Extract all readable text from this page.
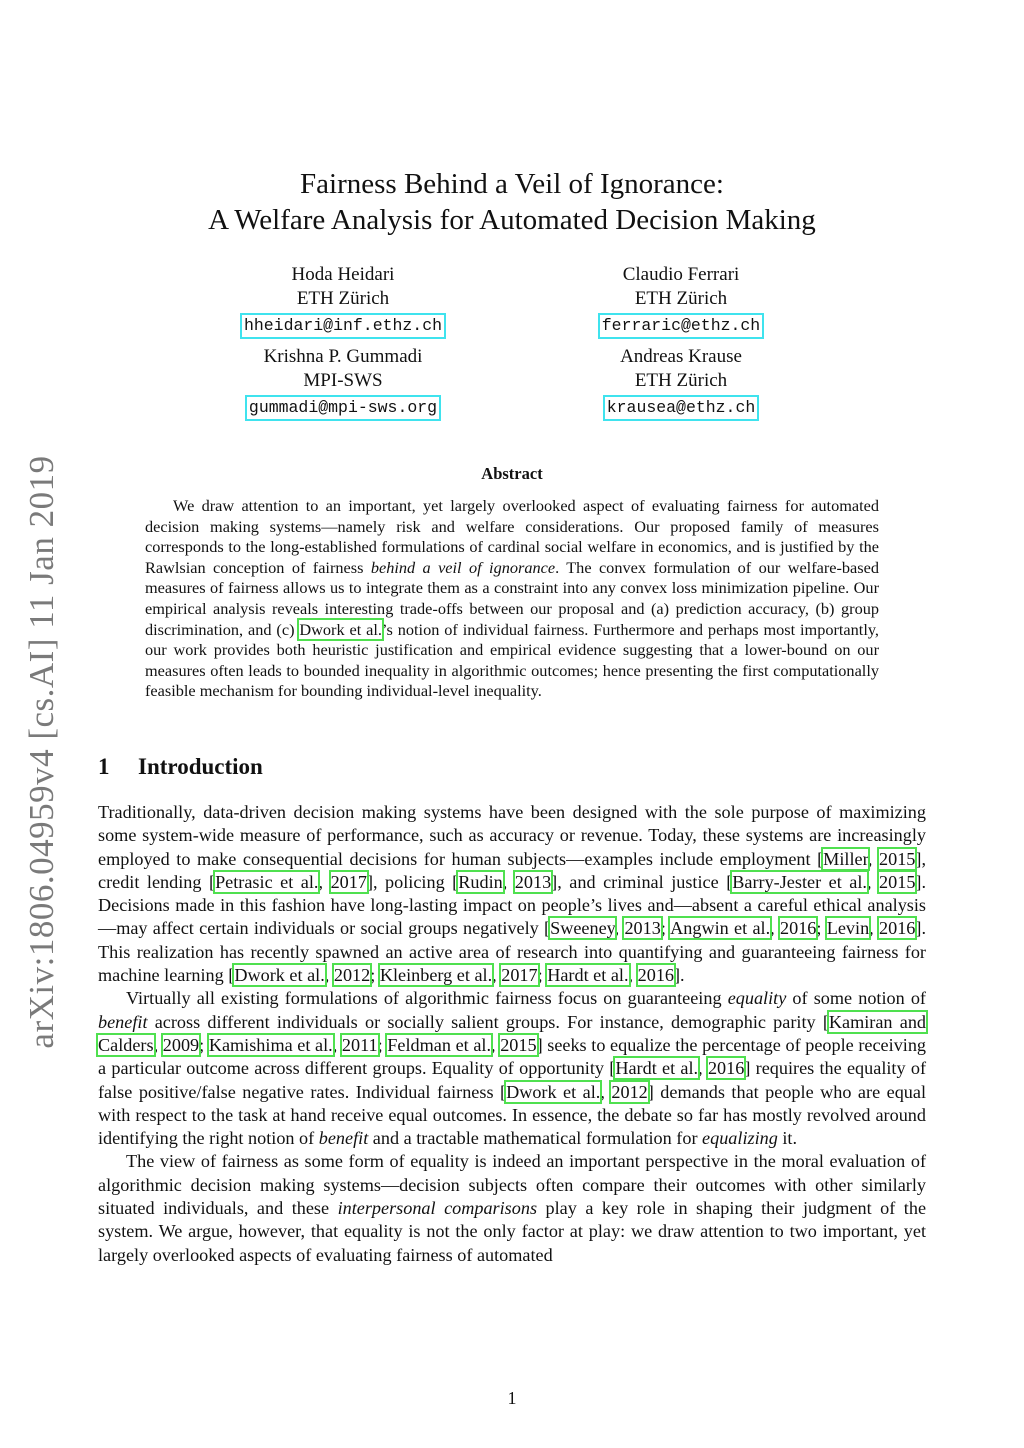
arXiv:1806.04959v4 [cs.AI] 11 Jan 2019
Fairness Behind a Veil of Ignorance:
A Welfare Analysis for Automated Decision Making
Hoda Heidari
ETH Zürich
hheidari@inf.ethz.ch
Claudio Ferrari
ETH Zürich
ferraric@ethz.ch
Krishna P. Gummadi
MPI-SWS
gummadi@mpi-sws.org
Andreas Krause
ETH Zürich
krausea@ethz.ch
Abstract

We draw attention to an important, yet largely overlooked aspect of evaluating fairness for automated decision making systems—namely risk and welfare considerations. Our proposed family of measures corresponds to the long-established formulations of cardinal social welfare in economics, and is justified by the Rawlsian conception of fairness behind a veil of ignorance. The convex formulation of our welfare-based measures of fairness allows us to integrate them as a constraint into any convex loss minimization pipeline. Our empirical analysis reveals interesting trade-offs between our proposal and (a) prediction accuracy, (b) group discrimination, and (c) Dwork et al.’s notion of individual fairness. Furthermore and perhaps most importantly, our work provides both heuristic justification and empirical evidence suggesting that a lower-bound on our measures often leads to bounded inequality in algorithmic outcomes; hence presenting the first computationally feasible mechanism for bounding individual-level inequality.

1 Introduction

Traditionally, data-driven decision making systems have been designed with the sole purpose of maximizing some system-wide measure of performance, such as accuracy or revenue. Today, these systems are increasingly employed to make consequential decisions for human subjects—examples include employment [Miller, 2015], credit lending [Petrasic et al., 2017], policing [Rudin, 2013], and criminal justice [Barry-Jester et al., 2015]. Decisions made in this fashion have long-lasting impact on people’s lives and—absent a careful ethical analysis—may affect certain individuals or social groups negatively [Sweeney, 2013; Angwin et al., 2016; Levin, 2016]. This realization has recently spawned an active area of research into quantifying and guaranteeing fairness for machine learning [Dwork et al., 2012; Kleinberg et al., 2017; Hardt et al., 2016].

Virtually all existing formulations of algorithmic fairness focus on guaranteeing equality of some notion of benefit across different individuals or socially salient groups. For instance, demographic parity [Kamiran and Calders, 2009; Kamishima et al., 2011; Feldman et al., 2015] seeks to equalize the percentage of people receiving a particular outcome across different groups. Equality of opportunity [Hardt et al., 2016] requires the equality of false positive/false negative rates. Individual fairness [Dwork et al., 2012] demands that people who are equal with respect to the task at hand receive equal outcomes. In essence, the debate so far has mostly revolved around identifying the right notion of benefit and a tractable mathematical formulation for equalizing it.

The view of fairness as some form of equality is indeed an important perspective in the moral evaluation of algorithmic decision making systems—decision subjects often compare their outcomes with other similarly situated individuals, and these interpersonal comparisons play a key role in shaping their judgment of the system. We argue, however, that equality is not the only factor at play: we draw attention to two important, yet largely overlooked aspects of evaluating fairness of automated

1
